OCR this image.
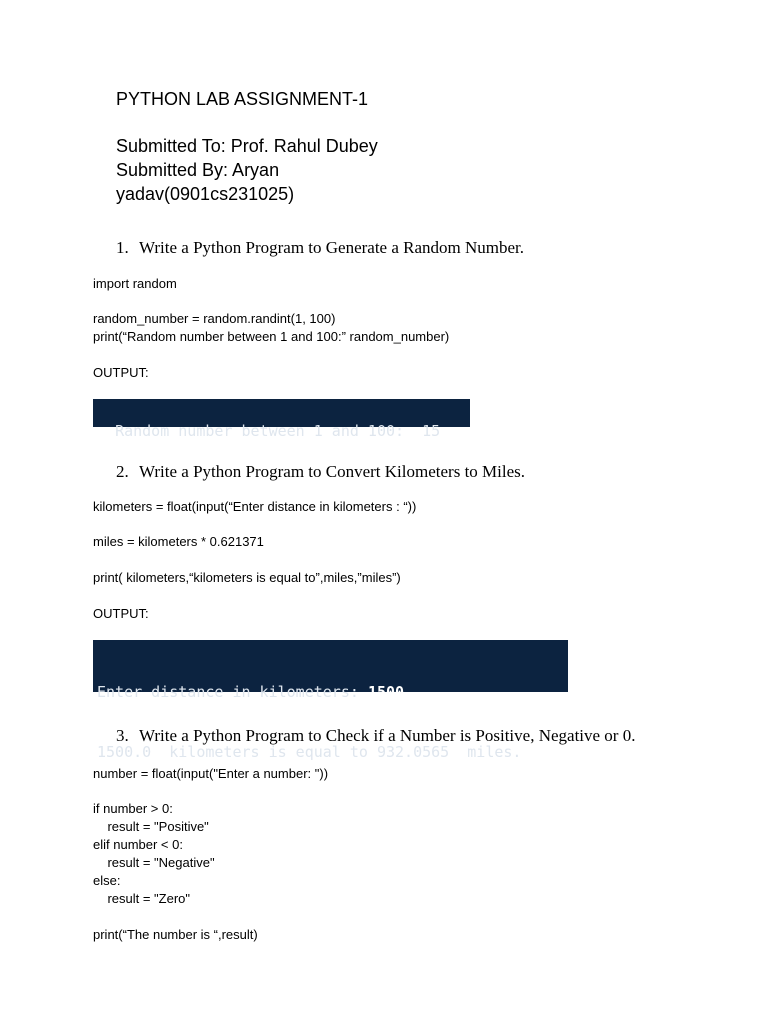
PYTHON LAB ASSIGNMENT-1

Submitted To: Prof. Rahul Dubey

Submitted By: Aryan

yadav(0901cs231025)

1. Write a Python Program to Generate a Random Number.

import random

random_number = random.randint(1, 100)

print(“Random number between 1 and 100:” random_number)

OUTPUT:

Random number between 1 and 100:  15

2. Write a Python Program to Convert Kilometers to Miles.

kilometers = float(input(“Enter distance in kilometers : “))

miles = kilometers * 0.621371

print( kilometers,“kilometers is equal to”,miles,”miles”)

OUTPUT:

Enter distance in kilometers: 1500

1500.0  kilometers is equal to 932.0565  miles.

3. Write a Python Program to Check if a Number is Positive, Negative or 0.

number = float(input("Enter a number: "))

if number > 0:

result = "Positive"

elif number < 0:

result = "Negative"

else:

result = "Zero"

print(“The number is “,result)
